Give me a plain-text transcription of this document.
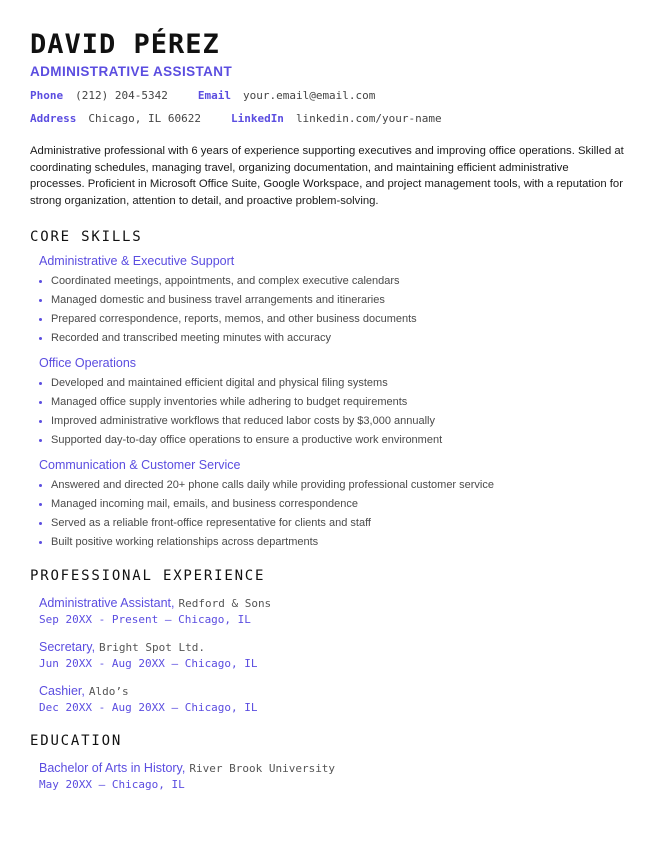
DAVID PÉREZ
ADMINISTRATIVE ASSISTANT
Phone (212) 204-5342	Email your.email@email.com
Address Chicago, IL 60622	LinkedIn linkedin.com/your-name
Administrative professional with 6 years of experience supporting executives and improving office operations. Skilled at coordinating schedules, managing travel, organizing documentation, and maintaining efficient administrative processes. Proficient in Microsoft Office Suite, Google Workspace, and project management tools, with a reputation for strong organization, attention to detail, and proactive problem-solving.
CORE SKILLS
Administrative & Executive Support
Coordinated meetings, appointments, and complex executive calendars
Managed domestic and business travel arrangements and itineraries
Prepared correspondence, reports, memos, and other business documents
Recorded and transcribed meeting minutes with accuracy
Office Operations
Developed and maintained efficient digital and physical filing systems
Managed office supply inventories while adhering to budget requirements
Improved administrative workflows that reduced labor costs by $3,000 annually
Supported day-to-day office operations to ensure a productive work environment
Communication & Customer Service
Answered and directed 20+ phone calls daily while providing professional customer service
Managed incoming mail, emails, and business correspondence
Served as a reliable front-office representative for clients and staff
Built positive working relationships across departments
PROFESSIONAL EXPERIENCE
Administrative Assistant, Redford & Sons
Sep 20XX - Present — Chicago, IL
Secretary, Bright Spot Ltd.
Jun 20XX - Aug 20XX — Chicago, IL
Cashier, Aldo’s
Dec 20XX - Aug 20XX — Chicago, IL
EDUCATION
Bachelor of Arts in History, River Brook University
May 20XX — Chicago, IL
